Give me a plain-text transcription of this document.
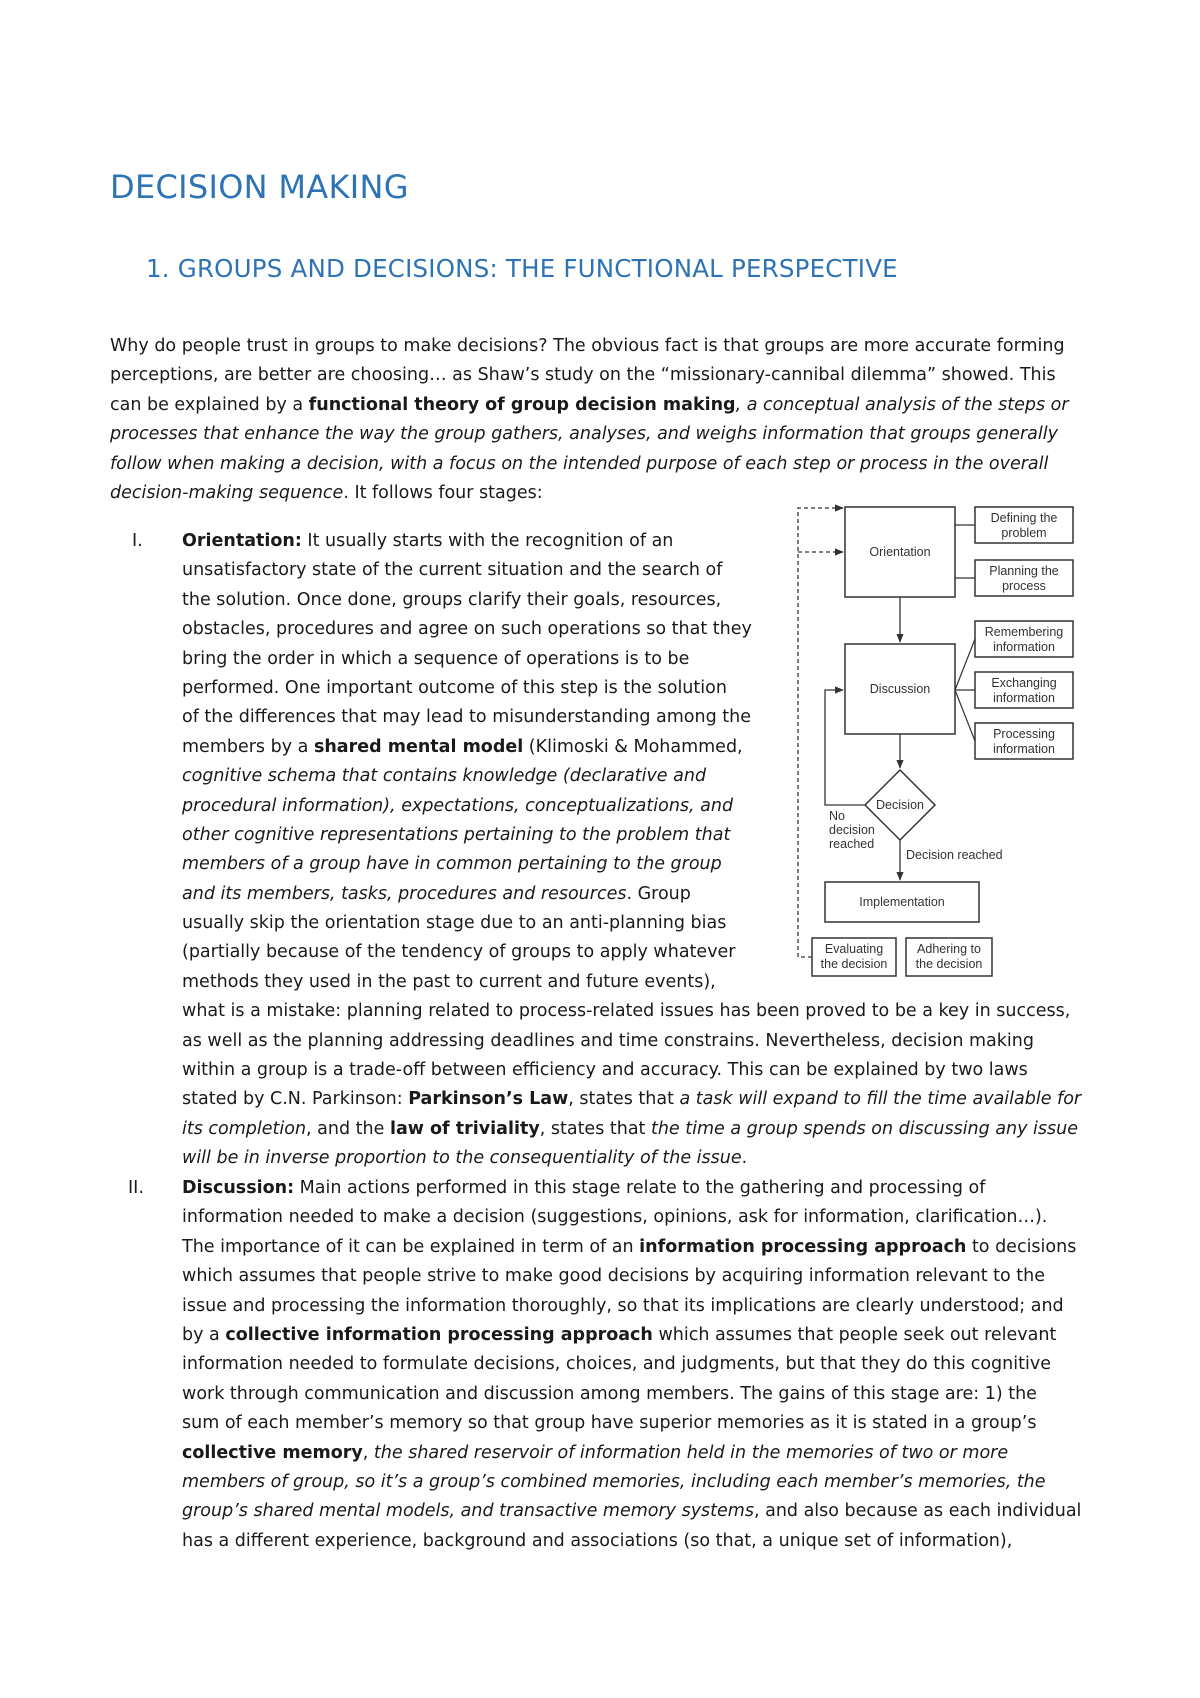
DECISION MAKING
1. GROUPS AND DECISIONS: THE FUNCTIONAL PERSPECTIVE
Why do people trust in groups to make decisions? The obvious fact is that groups are more accurate forming
perceptions, are better are choosing… as Shaw’s study on the “missionary-cannibal dilemma” showed. This
can be explained by a functional theory of group decision making, a conceptual analysis of the steps or
processes that enhance the way the group gathers, analyses, and weighs information that groups generally
follow when making a decision, with a focus on the intended purpose of each step or process in the overall
decision-making sequence. It follows four stages:
I. Orientation: It usually starts with the recognition of an
unsatisfactory state of the current situation and the search of
the solution. Once done, groups clarify their goals, resources,
obstacles, procedures and agree on such operations so that they
bring the order in which a sequence of operations is to be
performed. One important outcome of this step is the solution
of the differences that may lead to misunderstanding among the
members by a shared mental model (Klimoski & Mohammed,
cognitive schema that contains knowledge (declarative and
procedural information), expectations, conceptualizations, and
other cognitive representations pertaining to the problem that
members of a group have in common pertaining to the group
and its members, tasks, procedures and resources. Group
usually skip the orientation stage due to an anti-planning bias
(partially because of the tendency of groups to apply whatever
methods they used in the past to current and future events),
what is a mistake: planning related to process-related issues has been proved to be a key in success,
as well as the planning addressing deadlines and time constrains. Nevertheless, decision making
within a group is a trade-off between efficiency and accuracy. This can be explained by two laws
stated by C.N. Parkinson: Parkinson’s Law, states that a task will expand to fill the time available for
its completion, and the law of triviality, states that the time a group spends on discussing any issue
will be in inverse proportion to the consequentiality of the issue.
II. Discussion: Main actions performed in this stage relate to the gathering and processing of
information needed to make a decision (suggestions, opinions, ask for information, clarification…).
The importance of it can be explained in term of an information processing approach to decisions
which assumes that people strive to make good decisions by acquiring information relevant to the
issue and processing the information thoroughly, so that its implications are clearly understood; and
by a collective information processing approach which assumes that people seek out relevant
information needed to formulate decisions, choices, and judgments, but that they do this cognitive
work through communication and discussion among members. The gains of this stage are: 1) the
sum of each member’s memory so that group have superior memories as it is stated in a group’s
collective memory, the shared reservoir of information held in the memories of two or more
members of group, so it’s a group’s combined memories, including each member’s memories, the
group’s shared mental models, and transactive memory systems, and also because as each individual
has a different experience, background and associations (so that, a unique set of information),
Orientation
Defining the
problem
Planning the
process
Discussion
Remembering
information
Exchanging
information
Processing
information
Decision
No
decision
reached
Decision reached
Implementation
Evaluating
the decision
Adhering to
the decision
